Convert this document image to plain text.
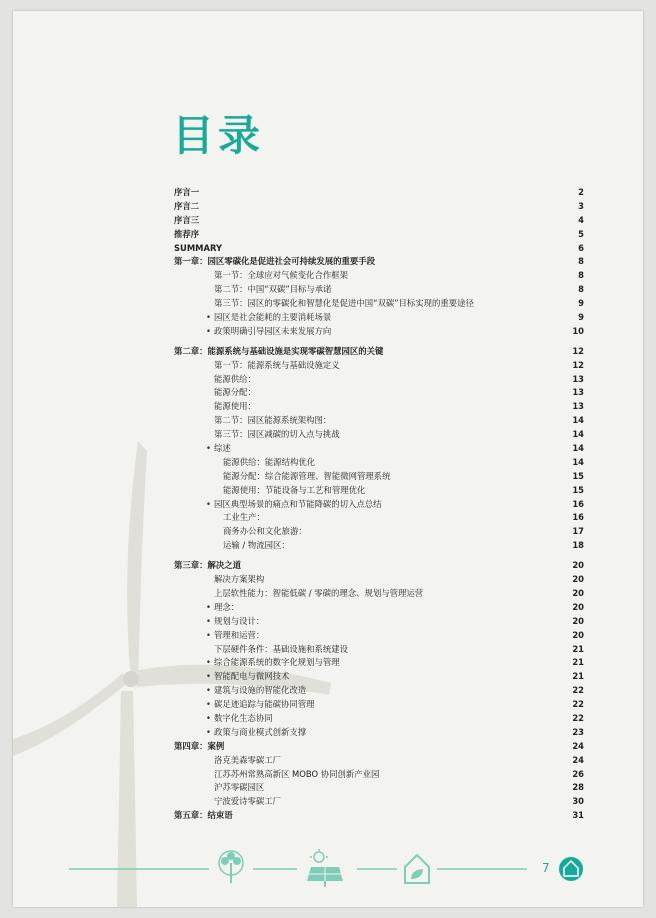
目录
序言一	2
序言二	3
序言三	4
推荐序	5
SUMMARY	6
第一章：园区零碳化是促进社会可持续发展的重要手段	8
第一节：全球应对气候变化合作框架	8
第二节：中国“双碳”目标与承诺	8
第三节：园区的零碳化和智慧化是促进中国“双碳”目标实现的重要途径	9
• 园区是社会能耗的主要消耗场景	9
• 政策明确引导园区未来发展方向	10
第二章：能源系统与基础设施是实现零碳智慧园区的关键	12
第一节：能源系统与基础设施定义	12
能源供给：	13
能源分配：	13
能源使用：	13
第二节：园区能源系统架构图：	14
第三节：园区减碳的切入点与挑战	14
• 综述	14
能源供给：能源结构优化	14
能源分配：综合能源管理、智能微网管理系统	15
能源使用：节能设备与工艺和管理优化	15
• 园区典型场景的痛点和节能降碳的切入点总结	16
工业生产：	16
商务办公和文化旅游：	17
运输 / 物流园区：	18
第三章：解决之道	20
解决方案架构	20
上层软性能力：智能低碳 / 零碳的理念、规划与管理运营	20
• 理念：	20
• 规划与设计：	20
• 管理和运营：	20
下层硬件条件：基础设施和系统建设	21
• 综合能源系统的数字化规划与管理	21
• 智能配电与微网技术	21
• 建筑与设施的智能化改造	22
• 碳足迹追踪与能碳协同管理	22
• 数字化生态协同	22
• 政策与商业模式创新支撑	23
第四章：案例	24
洛克美森零碳工厂	24
江苏苏州常熟高新区 MOBO 协同创新产业园	26
沪苏零碳园区	28
宁波爱诗零碳工厂	30
第五章：结束语	31
7
